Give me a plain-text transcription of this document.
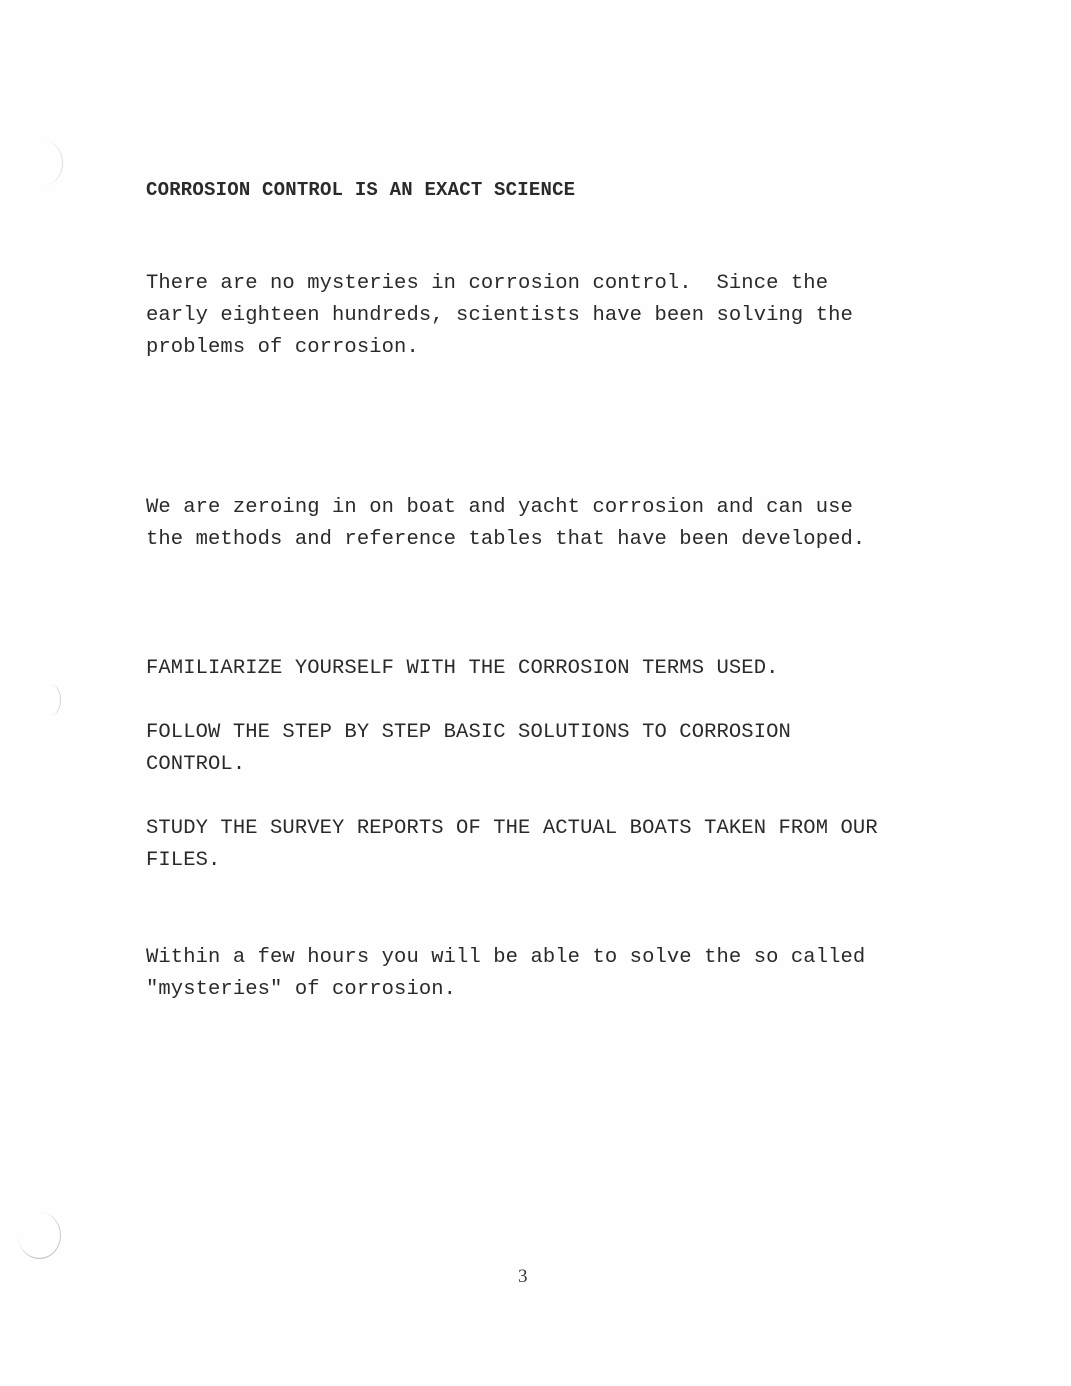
CORROSION CONTROL IS AN EXACT SCIENCE
There are no mysteries in corrosion control.  Since the
early eighteen hundreds, scientists have been solving the
problems of corrosion.
We are zeroing in on boat and yacht corrosion and can use
the methods and reference tables that have been developed.
FAMILIARIZE YOURSELF WITH THE CORROSION TERMS USED.
FOLLOW THE STEP BY STEP BASIC SOLUTIONS TO CORROSION
CONTROL.
STUDY THE SURVEY REPORTS OF THE ACTUAL BOATS TAKEN FROM OUR
FILES.
Within a few hours you will be able to solve the so called
"mysteries" of corrosion.
3
